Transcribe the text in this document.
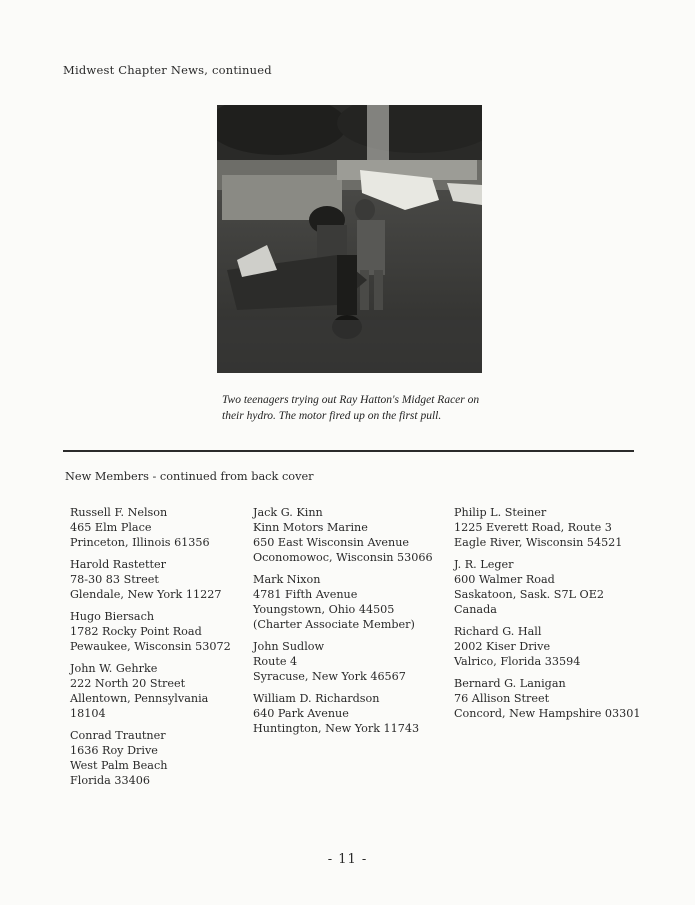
Midwest Chapter News, continued
Two teenagers trying out Ray Hatton's Midget Racer on their hydro. The motor fired up on the first pull.
New Members - continued from back cover
Russell F. Nelson
465 Elm Place
Princeton, Illinois 61356
Harold Rastetter
78-30 83 Street
Glendale, New York 11227
Hugo Biersach
1782 Rocky Point Road
Pewaukee, Wisconsin 53072
John W. Gehrke
222 North 20 Street
Allentown, Pennsylvania
18104
Conrad Trautner
1636 Roy Drive
West Palm Beach
Florida 33406
Jack G. Kinn
Kinn Motors Marine
650 East Wisconsin Avenue
Oconomowoc, Wisconsin 53066
Mark Nixon
4781 Fifth Avenue
Youngstown, Ohio 44505
(Charter Associate Member)
John Sudlow
Route 4
Syracuse, New York 46567
William D. Richardson
640 Park Avenue
Huntington, New York 11743
Philip L. Steiner
1225 Everett Road, Route 3
Eagle River, Wisconsin 54521
J. R. Leger
600 Walmer Road
Saskatoon, Sask. S7L OE2
Canada
Richard G. Hall
2002 Kiser Drive
Valrico, Florida 33594
Bernard G. Lanigan
76 Allison Street
Concord, New Hampshire 03301
- 11 -
